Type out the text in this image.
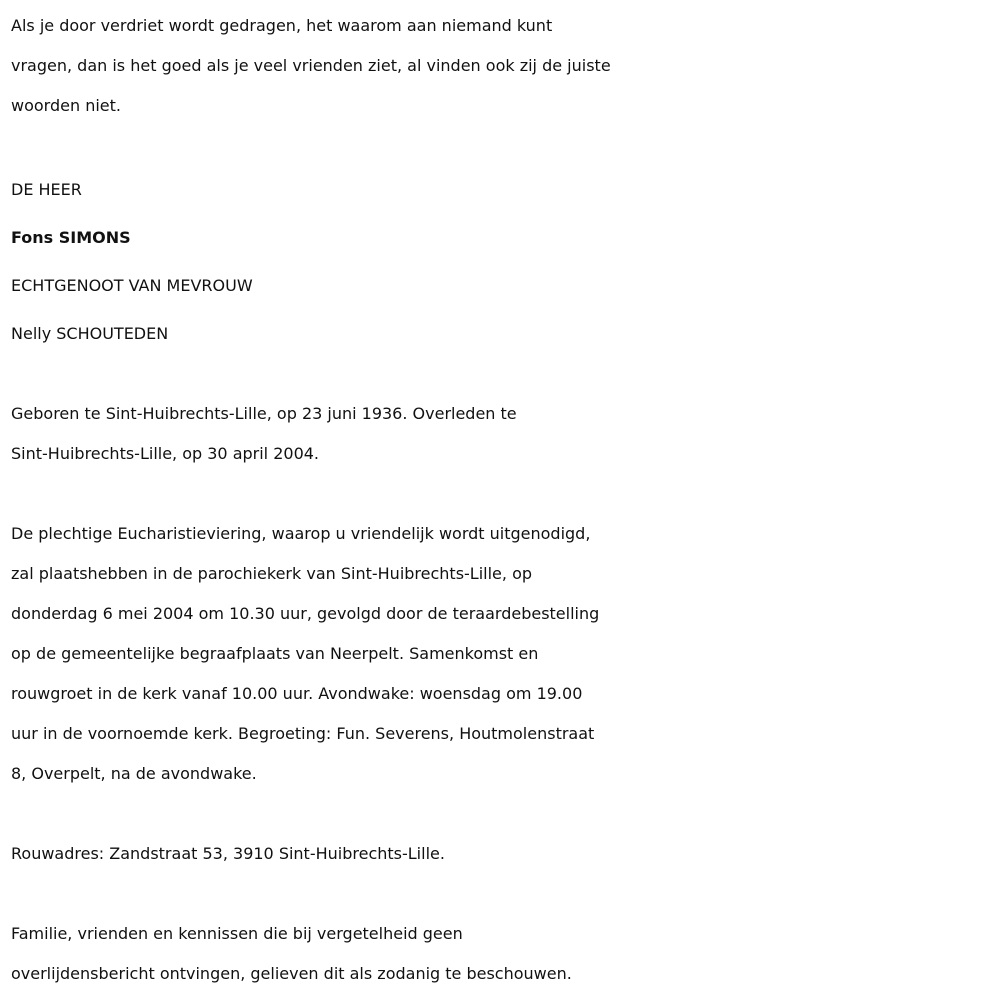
Als je door verdriet wordt gedragen, het waarom aan niemand kunt
vragen, dan is het goed als je veel vrienden ziet, al vinden ook zij de juiste
woorden niet.
DE HEER
Fons SIMONS
ECHTGENOOT VAN MEVROUW
Nelly SCHOUTEDEN
Geboren te Sint-Huibrechts-Lille, op 23 juni 1936. Overleden te
Sint-Huibrechts-Lille, op 30 april 2004.
De plechtige Eucharistieviering, waarop u vriendelijk wordt uitgenodigd,
zal plaatshebben in de parochiekerk van Sint-Huibrechts-Lille, op
donderdag 6 mei 2004 om 10.30 uur, gevolgd door de teraardebestelling
op de gemeentelijke begraafplaats van Neerpelt. Samenkomst en
rouwgroet in de kerk vanaf 10.00 uur. Avondwake: woensdag om 19.00
uur in de voornoemde kerk. Begroeting: Fun. Severens, Houtmolenstraat
8, Overpelt, na de avondwake.
Rouwadres: Zandstraat 53, 3910 Sint-Huibrechts-Lille.
Familie, vrienden en kennissen die bij vergetelheid geen
overlijdensbericht ontvingen, gelieven dit als zodanig te beschouwen.
